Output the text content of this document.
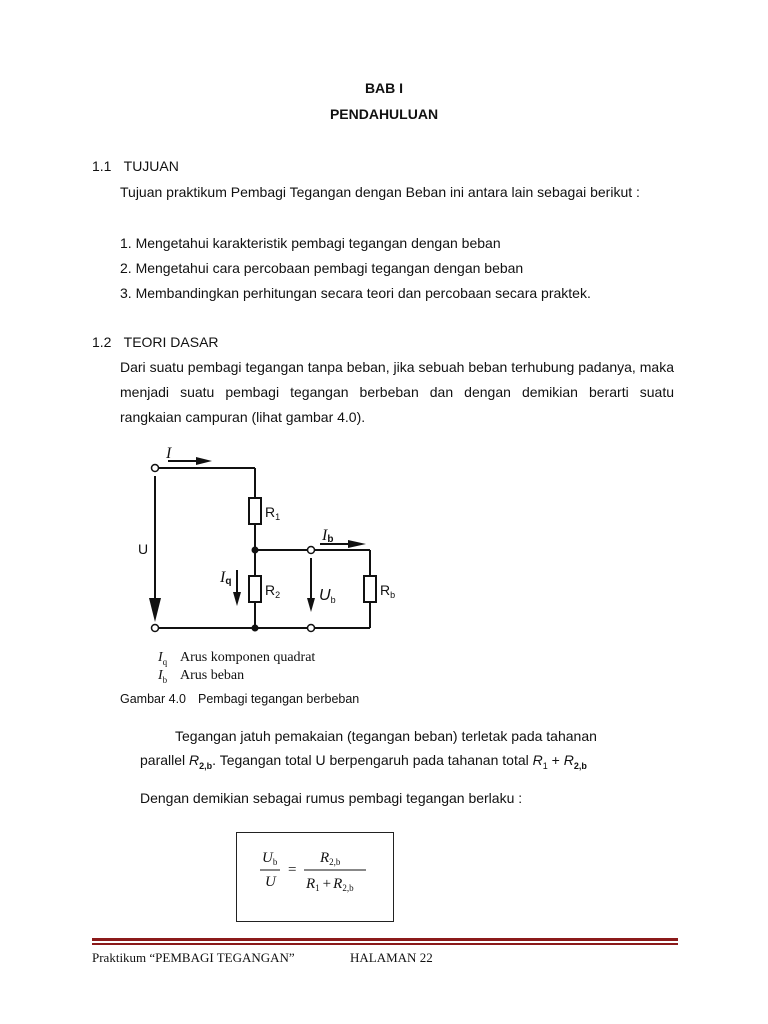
BAB I
PENDAHULUAN
1.1 TUJUAN
Tujuan praktikum Pembagi Tegangan dengan Beban ini antara lain sebagai berikut :
1. Mengetahui karakteristik pembagi tegangan dengan beban
2. Mengetahui cara percobaan pembagi tegangan dengan beban
3. Membandingkan perhitungan secara teori dan percobaan secara praktek.
1.2 TEORI DASAR
Dari suatu pembagi tegangan tanpa beban, jika sebuah beban terhubung padanya, maka menjadi suatu pembagi tegangan berbeban dan dengan demikian berarti suatu rangkaian campuran (lihat gambar 4.0).
I
U
$R_1$
$R_2$	$R_b$
Ib
Iq
$U_b$
$I_q$ Arus komponen quadrat
$I_b$ Arus beban
Gambar 4.0 Pembagi tegangan berbeban
Tegangan jatuh pemakaian (tegangan beban) terletak pada tahanan
parallel $R_{2,b}$. Tegangan total U berpengaruh pada tahanan total $R_1 + R_{2,b}$
Dengan demikian sebagai rumus pembagi tegangan berlaku :
$U_b$
U
=
$R_{2,b}$
$R_1 + R_{2,b}$
Praktikum “PEMBAGI TEGANGAN”	HALAMAN 22
